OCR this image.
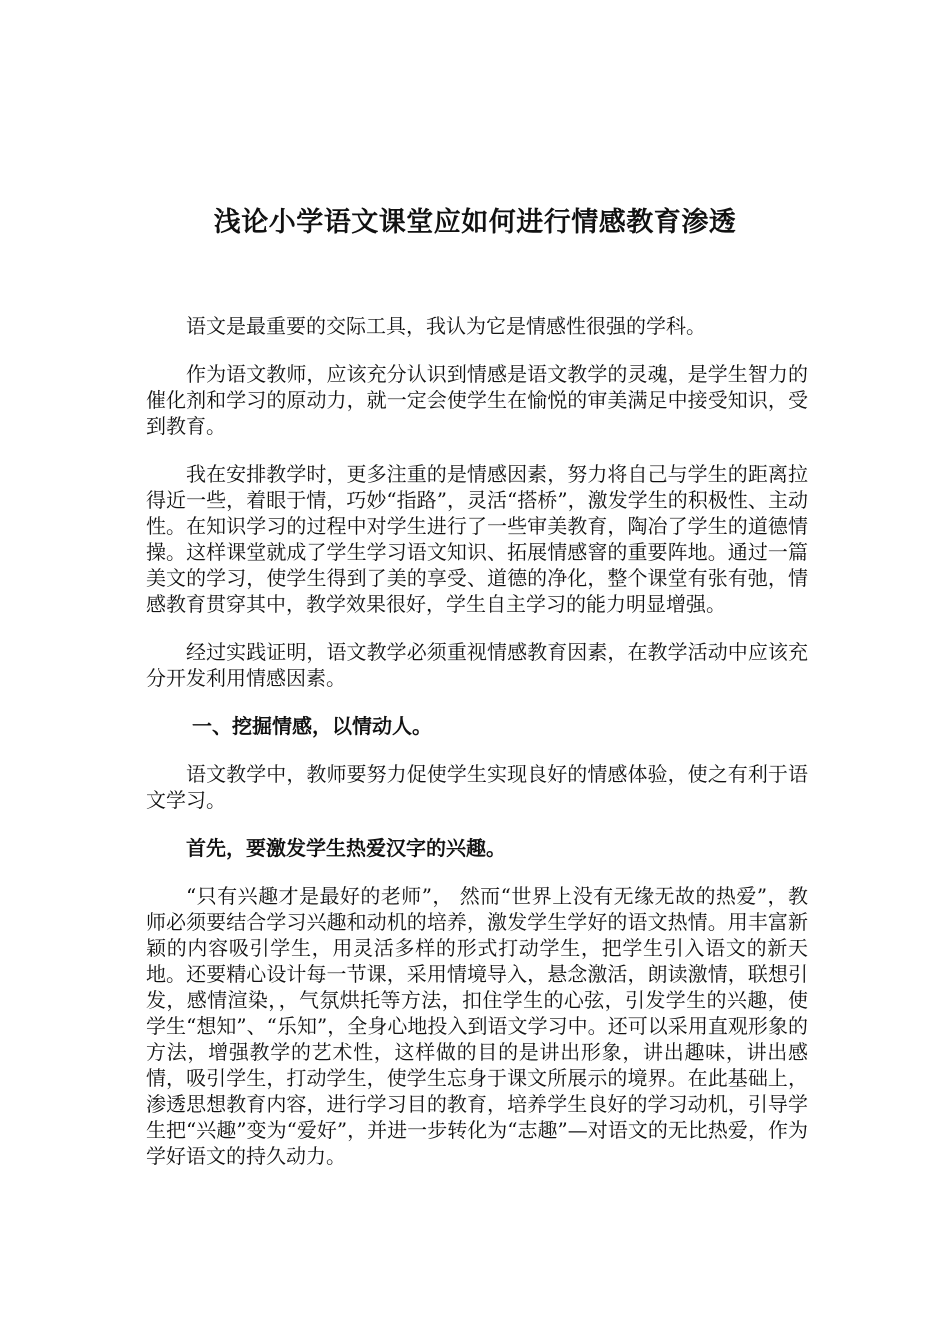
浅论小学语文课堂应如何进行情感教育渗透

语文是最重要的交际工具，我认为它是情感性很强的学科。

作为语文教师，应该充分认识到情感是语文教学的灵魂，是学生智力的催化剂和学习的原动力，就一定会使学生在愉悦的审美满足中接受知识，受到教育。

我在安排教学时，更多注重的是情感因素，努力将自己与学生的距离拉得近一些，着眼于情，巧妙“指路”，灵活“搭桥”，激发学生的积极性、主动性。在知识学习的过程中对学生进行了一些审美教育，陶冶了学生的道德情操。这样课堂就成了学生学习语文知识、拓展情感窨的重要阵地。通过一篇美文的学习，使学生得到了美的享受、道德的净化，整个课堂有张有弛，情感教育贯穿其中，教学效果很好，学生自主学习的能力明显增强。

经过实践证明，语文教学必须重视情感教育因素，在教学活动中应该充分开发利用情感因素。

一、挖掘情感，以情动人。

语文教学中，教师要努力促使学生实现良好的情感体验，使之有利于语文学习。

首先，要激发学生热爱汉字的兴趣。

“只有兴趣才是最好的老师”， 然而“世界上没有无缘无故的热爱”，教师必须要结合学习兴趣和动机的培养，激发学生学好的语文热情。用丰富新颖的内容吸引学生，用灵活多样的形式打动学生，把学生引入语文的新天地。还要精心设计每一节课，采用情境导入，悬念激活，朗读激情，联想引发，感情渲染，，气氛烘托等方法，扣住学生的心弦，引发学生的兴趣，使学生“想知”、“乐知”，全身心地投入到语文学习中。还可以采用直观形象的方法，增强教学的艺术性，这样做的目的是讲出形象，讲出趣味，讲出感情，吸引学生，打动学生，使学生忘身于课文所展示的境界。在此基础上，渗透思想教育内容，进行学习目的教育，培养学生良好的学习动机，引导学生把“兴趣”变为“爱好”，并进一步转化为“志趣”—对语文的无比热爱，作为学好语文的持久动力。
